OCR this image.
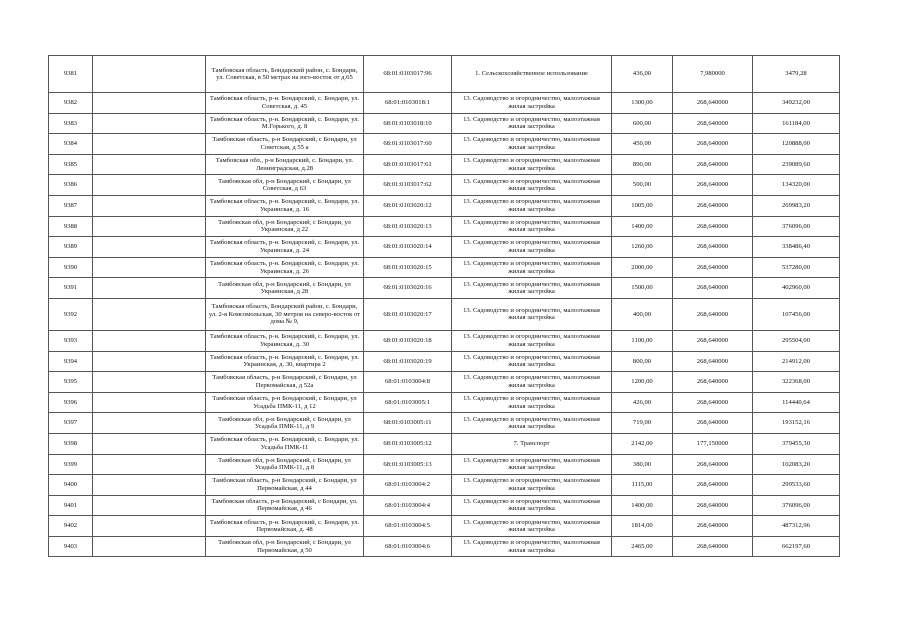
9381		Тамбовская область, Бондарский район, с. Бондари, ул. Советская, в 50 метрах на юго-восток от д.65	68:01:0103017:96	1. Сельскохозяйственное использование	436,00	7,980000	3479,28
9382		Тамбовская область, р-н. Бондарский, с. Бондари, ул. Советская, д. 45	68:01:0103018:1	13. Садоводство и огородничество, малоэтажная жилая застройка	1300,00	268,640000	349232,00
9383		Тамбовская область, р-н. Бондарский, с. Бондари, ул. М.Горького, д. 8	68:01:0103018:10	13. Садоводство и огородничество, малоэтажная жилая застройка	600,00	268,640000	161184,00
9384		Тамбовская область, р-н Бондарский, с Бондари, ул Советская, д 55 а	68:01:0103017:60	13. Садоводство и огородничество, малоэтажная жилая застройка	450,00	268,640000	120888,00
9385		Тамбовская обл., р-н Бондарский, с. Бондари, ул. Ленинградская, д.28	68:01:0103017:61	13. Садоводство и огородничество, малоэтажная жилая застройка	890,00	268,640000	239089,60
9386		Тамбовская обл, р-н Бондарский, с Бондари, ул Советская, д 63	68:01:0103017:62	13. Садоводство и огородничество, малоэтажная жилая застройка	500,00	268,640000	134320,00
9387		Тамбовская область, р-н. Бондарский, с. Бондари, ул. Украинская, д. 16	68:01:0103020:12	13. Садоводство и огородничество, малоэтажная жилая застройка	1005,00	268,640000	269983,20
9388		Тамбовская обл, р-н Бондарский, с Бондари, ул Украинская, д 22	68:01:0103020:13	13. Садоводство и огородничество, малоэтажная жилая застройка	1400,00	268,640000	376096,00
9389		Тамбовская область, р-н. Бондарский, с. Бондари, ул. Украинская, д. 24	68:01:0103020:14	13. Садоводство и огородничество, малоэтажная жилая застройка	1260,00	268,640000	338486,40
9390		Тамбовская область, р-н. Бондарский, с. Бондари, ул. Украинская, д. 26	68:01:0103020:15	13. Садоводство и огородничество, малоэтажная жилая застройка	2000,00	268,640000	537280,00
9391		Тамбовская обл, р-н Бондарский, с Бондари, ул Украинская, д 28	68:01:0103020:16	13. Садоводство и огородничество, малоэтажная жилая застройка	1500,00	268,640000	402960,00
9392		Тамбовская область, Бондарский район, с. Бондари, ул. 2-я Комсомольская, 30 метров на северо-восток от дома № 9,	68:01:0103020:17	13. Садоводство и огородничество, малоэтажная жилая застройка	400,00	268,640000	107456,00
9393		Тамбовская область, р-н. Бондарский, с. Бондари, ул. Украинская, д. 30	68:01:0103020:18	13. Садоводство и огородничество, малоэтажная жилая застройка	1100,00	268,640000	295504,00
9394		Тамбовская область, р-н. Бондарский, с. Бондари, ул. Украинская, д. 30, квартира 2	68:01:0103020:19	13. Садоводство и огородничество, малоэтажная жилая застройка	800,00	268,640000	214912,00
9395		Тамбовская область, р-н Бондарский, с Бондари, ул Первомайская, д 52а	68:01:0103004:8	13. Садоводство и огородничество, малоэтажная жилая застройка	1200,00	268,640000	322368,00
9396		Тамбовская область, р-н Бондарский, с Бондари, ул Усадьба ПМК-11, д 12	68:01:0103005:1	13. Садоводство и огородничество, малоэтажная жилая застройка	426,00	268,640000	114440,64
9397		Тамбовская обл, р-н Бондарский, с Бондари, ул Усадьба ПМК-11, д 9	68:01:0103005:11	13. Садоводство и огородничество, малоэтажная жилая застройка	719,00	268,640000	193152,16
9398		Тамбовская область, р-н. Бондарский, с. Бондари, ул. Усадьба ПМК-11	68:01:0103005:12	7. Транспорт	2142,00	177,150000	379455,30
9399		Тамбовская обл, р-н Бондарский, с Бондари, ул Усадьба ПМК-11, д 8	68:01:0103005:13	13. Садоводство и огородничество, малоэтажная жилая застройка	380,00	268,640000	102083,20
9400		Тамбовская область, р-н Бондарский, с Бондари, ул Первомайская, д 44	68:01:0103004:2	13. Садоводство и огородничество, малоэтажная жилая застройка	1115,00	268,640000	299533,60
9401		Тамбовская область, р-н Бондарский, с Бондари, ул. Первомайская, д 46	68:01:0103004:4	13. Садоводство и огородничество, малоэтажная жилая застройка	1400,00	268,640000	376096,00
9402		Тамбовская область, р-н. Бондарский, с. Бондари, ул. Первомайская, д. 48	68:01:0103004:5	13. Садоводство и огородничество, малоэтажная жилая застройка	1814,00	268,640000	487312,96
9403		Тамбовская обл, р-н Бондарский, с Бондари, ул Первомайская, д 50	68:01:0103004:6	13. Садоводство и огородничество, малоэтажная жилая застройка	2465,00	268,640000	662197,60
